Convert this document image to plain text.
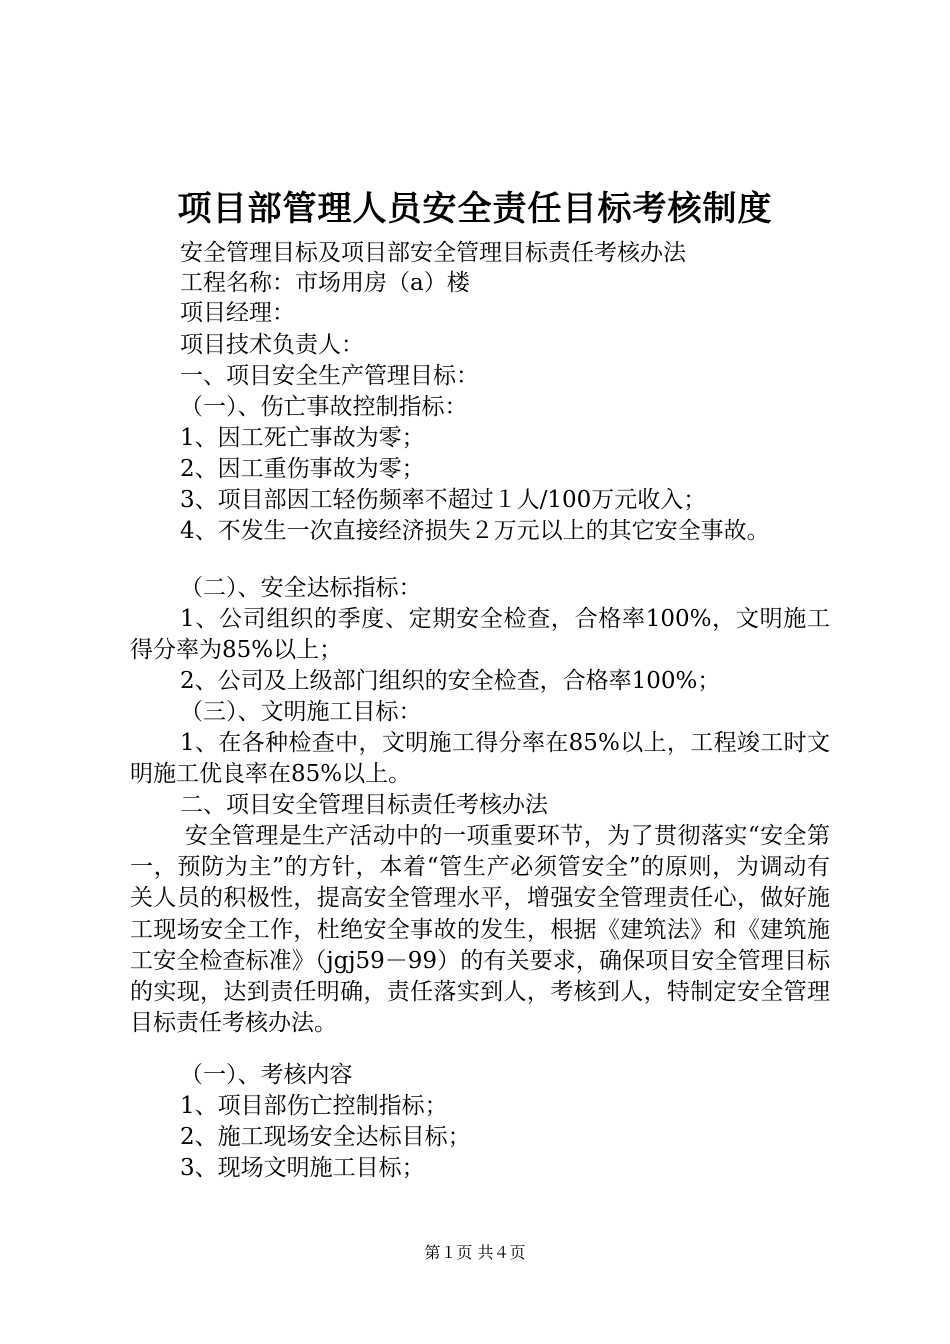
项目部管理人员安全责任目标考核制度
安全管理目标及项目部安全管理目标责任考核办法
工程名称：市场用房（a）楼
项目经理：
项目技术负责人：
一、项目安全生产管理目标：
（一）、伤亡事故控制指标：
1、因工死亡事故为零；
2、因工重伤事故为零；
3、项目部因工轻伤频率不超过１人/100万元收入；
4、不发生一次直接经济损失２万元以上的其它安全事故。
（二）、安全达标指标：
1、公司组织的季度、定期安全检查，合格率100%，文明施工得分率为85%以上；
2、公司及上级部门组织的安全检查，合格率100%；
（三）、文明施工目标：
1、在各种检查中，文明施工得分率在85%以上，工程竣工时文明施工优良率在85%以上。
二、项目安全管理目标责任考核办法
安全管理是生产活动中的一项重要环节，为了贯彻落实“安全第一，预防为主”的方针，本着“管生产必须管安全”的原则，为调动有关人员的积极性，提高安全管理水平，增强安全管理责任心，做好施工现场安全工作，杜绝安全事故的发生，根据《建筑法》和《建筑施工安全检查标准》（jgj59－99）的有关要求，确保项目安全管理目标的实现，达到责任明确，责任落实到人，考核到人，特制定安全管理目标责任考核办法。
（一）、考核内容
1、项目部伤亡控制指标；
2、施工现场安全达标目标；
3、现场文明施工目标；
第１页 共４页
